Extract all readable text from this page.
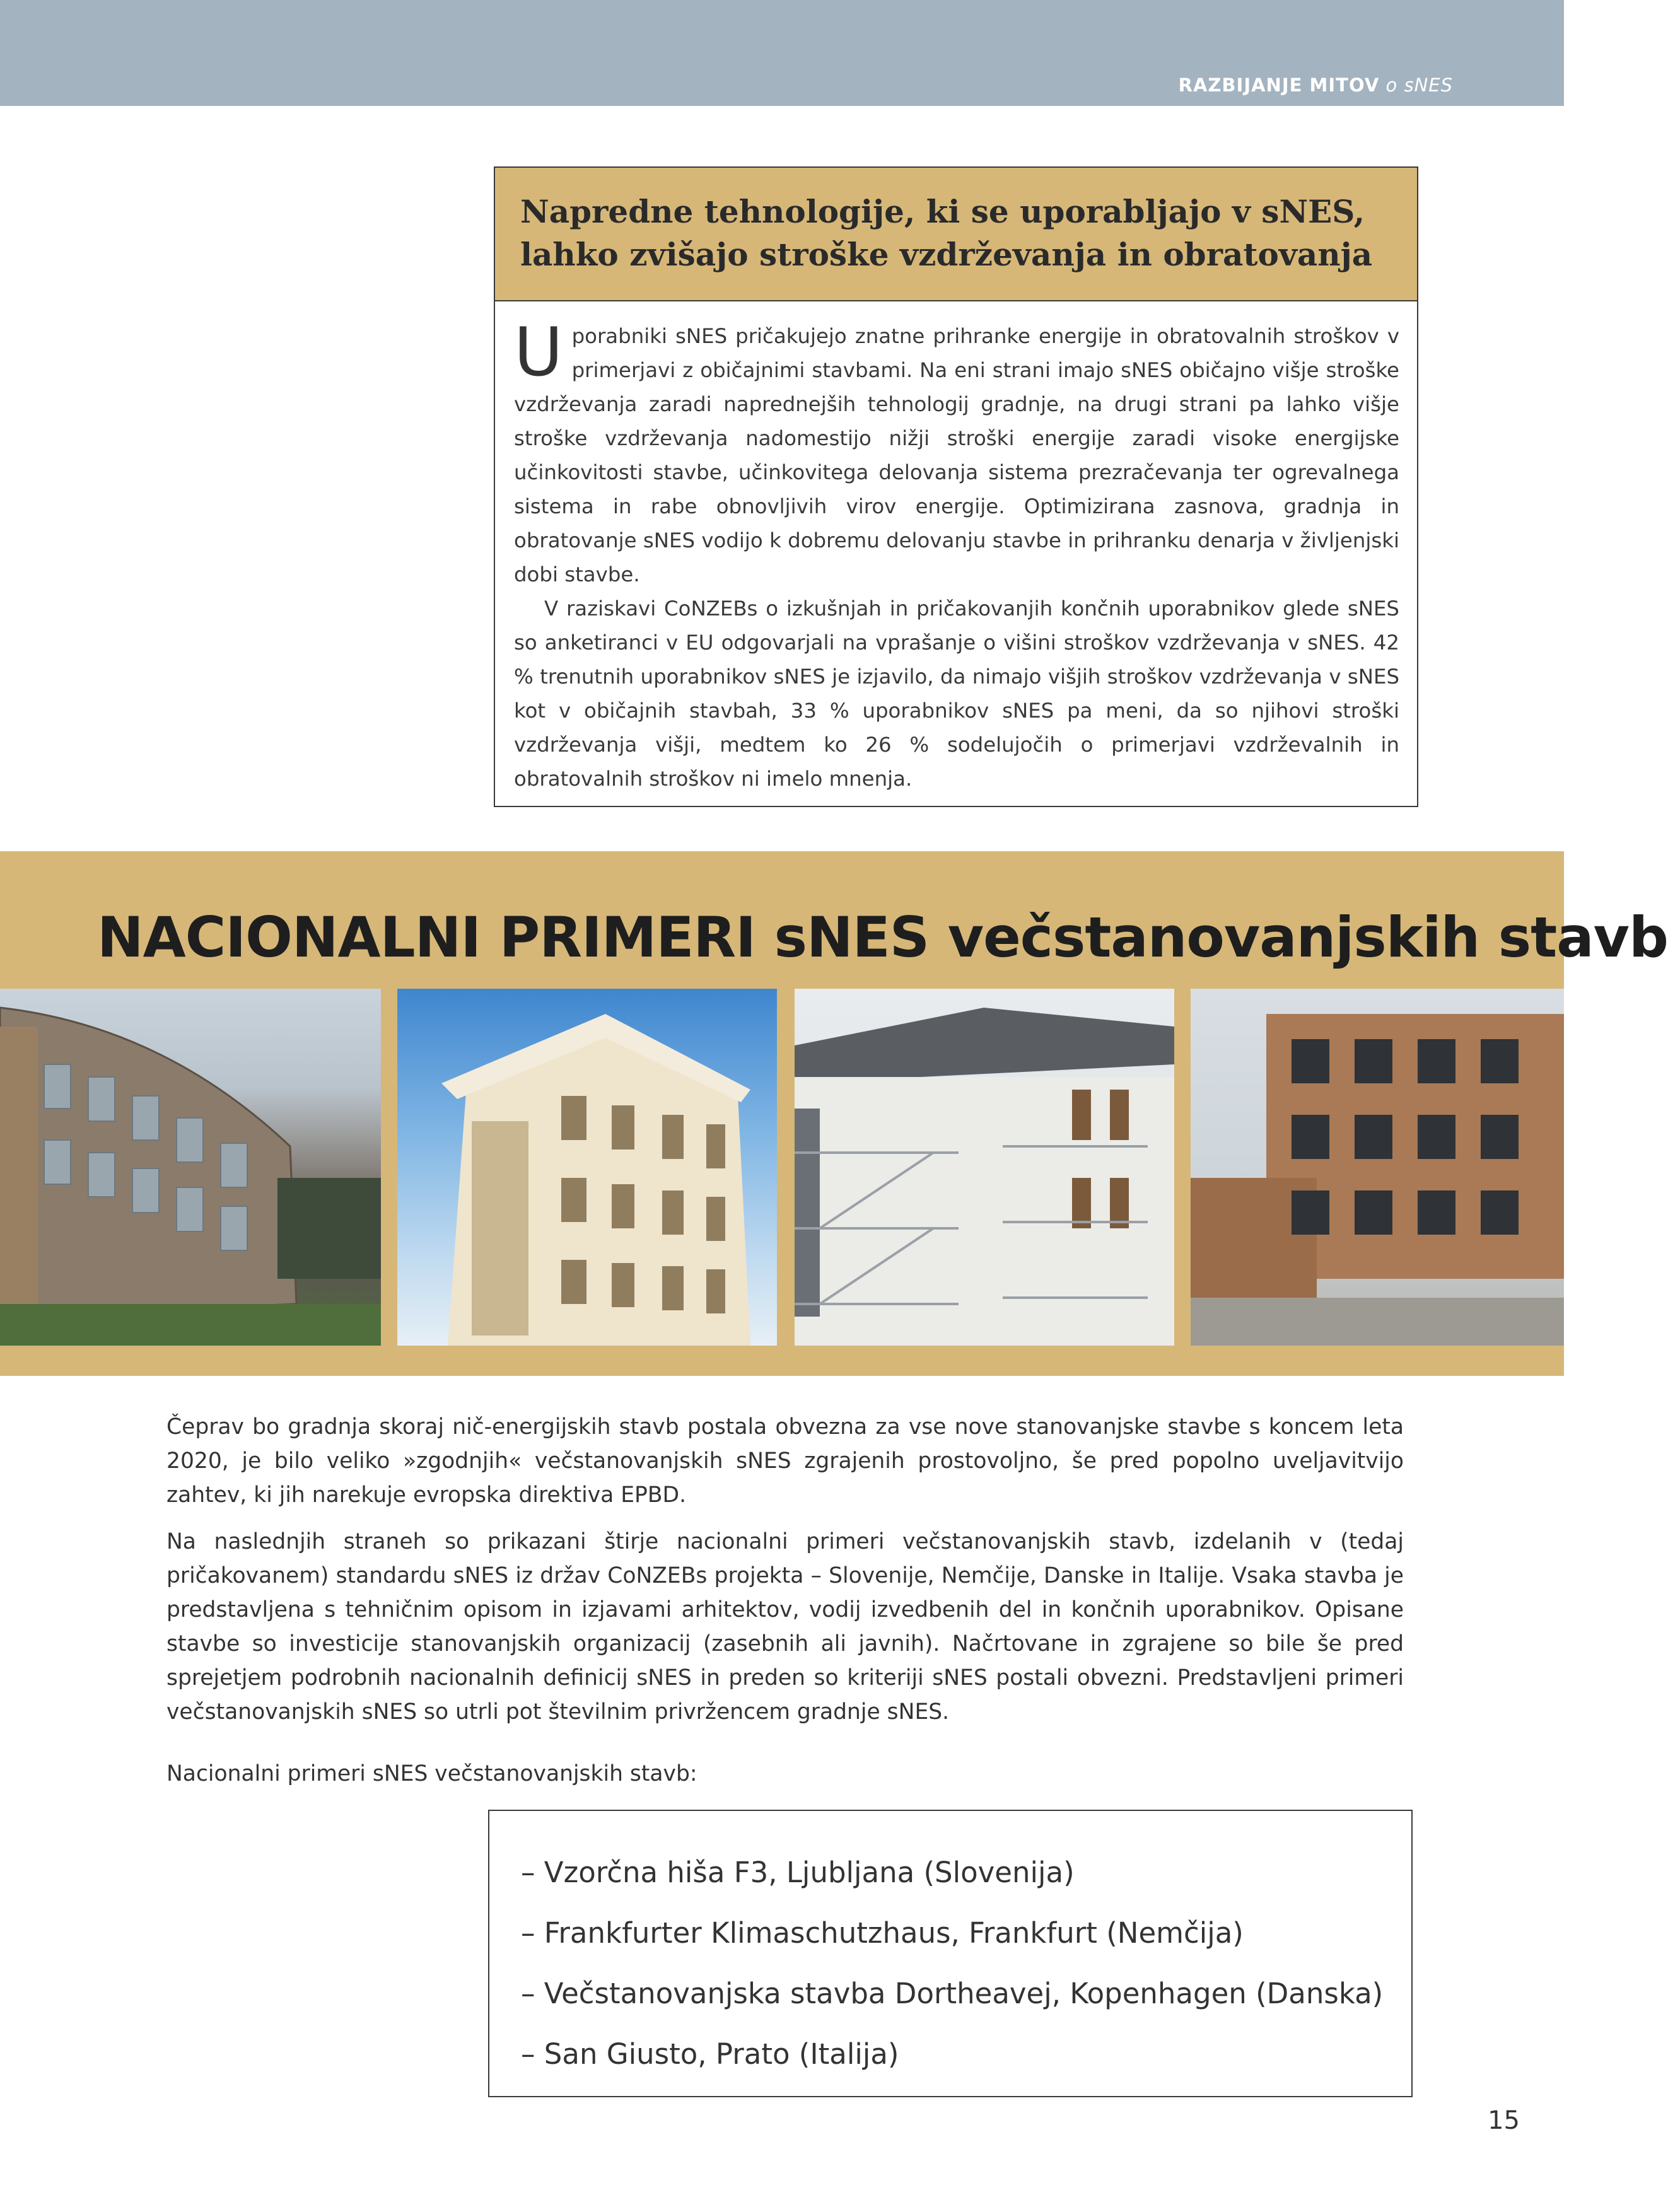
RAZBIJANJE MITOV o sNES
Napredne tehnologije, ki se uporabljajo v sNES, lahko zvišajo stroške vzdrževanja in obratovanja

Uporabniki sNES pričakujejo znatne prihranke energije in obratovalnih stroškov v primerjavi z običajnimi stavbami. Na eni strani imajo sNES običajno višje stroške vzdrževanja zaradi naprednejših tehnologij gradnje, na drugi strani pa lahko višje stroške vzdrževanja nadomestijo nižji stroški energije zaradi visoke energijske učinkovitosti stavbe, učinkovitega delovanja sistema prezračevanja ter ogrevalnega sistema in rabe obnovljivih virov energije. Optimizirana zasnova, gradnja in obratovanje sNES vodijo k dobremu delovanju stavbe in prihranku denarja v življenjski dobi stavbe.

V raziskavi CoNZEBs o izkušnjah in pričakovanjih končnih uporabnikov glede sNES so anketiranci v EU odgovarjali na vprašanje o višini stroškov vzdrževanja v sNES. 42 % trenutnih uporabnikov sNES je izjavilo, da nimajo višjih stroškov vzdrževanja v sNES kot v običajnih stavbah, 33 % uporabnikov sNES pa meni, da so njihovi stroški vzdrževanja višji, medtem ko 26 % sodelujočih o primerjavi vzdrževalnih in obratovalnih stroškov ni imelo mnenja.

NACIONALNI PRIMERI sNES večstanovanjskih stavb

Čeprav bo gradnja skoraj nič-energijskih stavb postala obvezna za vse nove stanovanjske stavbe s koncem leta 2020, je bilo veliko »zgodnjih« večstanovanjskih sNES zgrajenih prostovoljno, še pred popolno uveljavitvijo zahtev, ki jih narekuje evropska direktiva EPBD.

Na naslednjih straneh so prikazani štirje nacionalni primeri večstanovanjskih stavb, izdelanih v (tedaj pričakovanem) standardu sNES iz držav CoNZEBs projekta – Slovenije, Nemčije, Danske in Italije. Vsaka stavba je predstavljena s tehničnim opisom in izjavami arhitektov, vodij izvedbenih del in končnih uporabnikov. Opisane stavbe so investicije stanovanjskih organizacij (zasebnih ali javnih). Načrtovane in zgrajene so bile še pred sprejetjem podrobnih nacionalnih definicij sNES in preden so kriteriji sNES postali obvezni. Predstavljeni primeri večstanovanjskih sNES so utrli pot številnim privržencem gradnje sNES.

Nacionalni primeri sNES večstanovanjskih stavb:

– Vzorčna hiša F3, Ljubljana (Slovenija)
– Frankfurter Klimaschutzhaus, Frankfurt (Nemčija)
– Večstanovanjska stavba Dortheavej, Kopenhagen (Danska)
– San Giusto, Prato (Italija)
15
